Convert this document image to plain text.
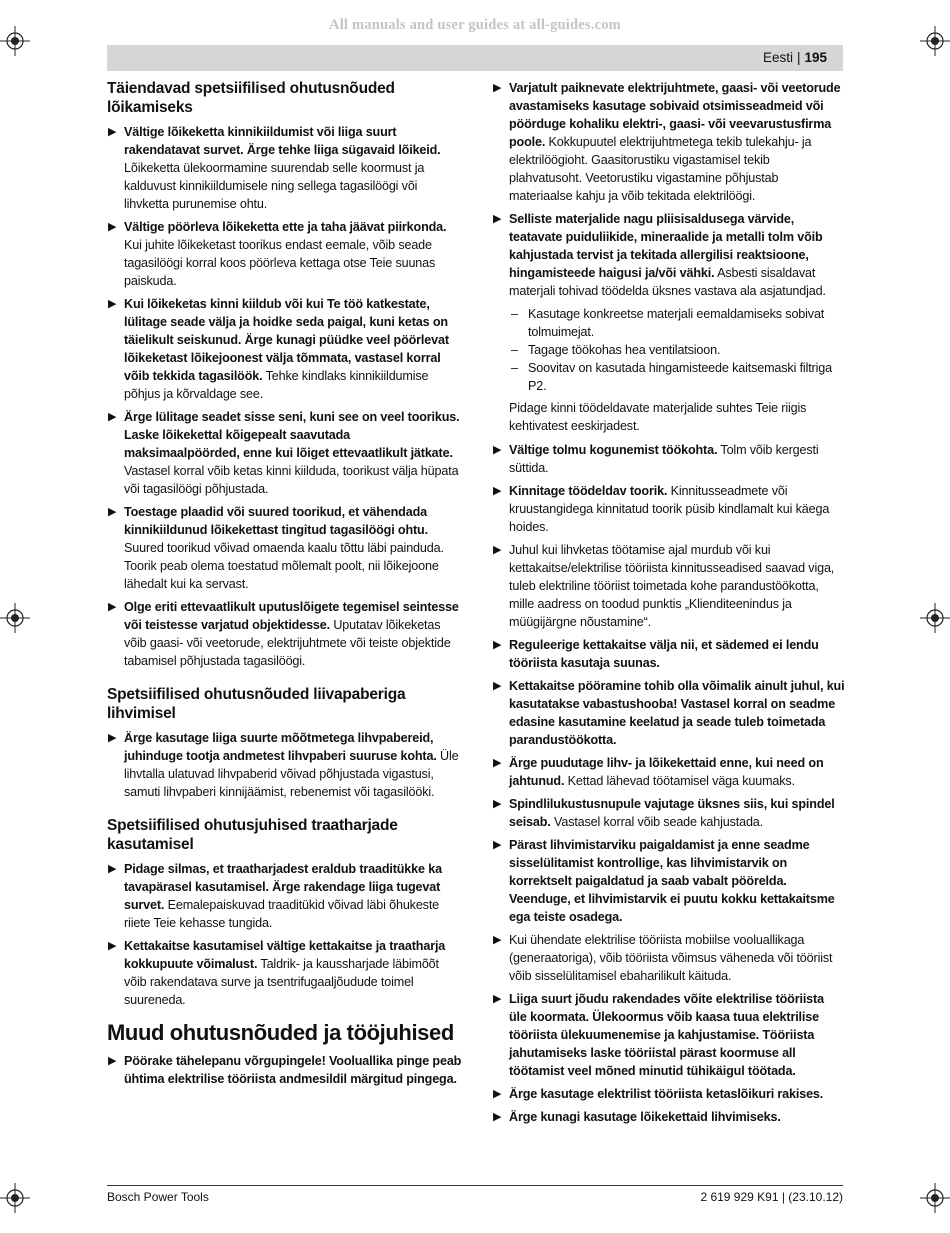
All manuals and user guides at all-guides.com
Eesti | 195
Täiendavad spetsiifilised ohutusnõuded lõikamiseks
▶ Vältige lõikeketta kinnikiildumist või liiga suurt rakendatavat survet. Ärge tehke liiga sügavaid lõikeid. Lõikeketta ülekoormamine suurendab selle koormust ja kalduvust kinnikiildumisele ning sellega tagasilöögi või lihvketta purunemise ohtu.
▶ Vältige pöörleva lõikeketta ette ja taha jäävat piirkonda. Kui juhite lõikeketast toorikus endast eemale, võib seade tagasilöögi korral koos pöörleva kettaga otse Teie suunas paiskuda.
▶ Kui lõikeketas kinni kiildub või kui Te töö katkestate, lülitage seade välja ja hoidke seda paigal, kuni ketas on täielikult seiskunud. Ärge kunagi püüdke veel pöörlevat lõikeketast lõikejoonest välja tõmmata, vastasel korral võib tekkida tagasilöök. Tehke kindlaks kinnikiildumise põhjus ja kõrvaldage see.
▶ Ärge lülitage seadet sisse seni, kuni see on veel toorikus. Laske lõikekettal kõigepealt saavutada maksimaalpöörded, enne kui lõiget ettevaatlikult jätkate. Vastasel korral võib ketas kinni kiilduda, toorikust välja hüpata või tagasilöögi põhjustada.
▶ Toestage plaadid või suured toorikud, et vähendada kinnikiildunud lõikekettast tingitud tagasilöögi ohtu. Suured toorikud võivad omaenda kaalu tõttu läbi painduda. Toorik peab olema toestatud mõlemalt poolt, nii lõikejoone lähedalt kui ka servast.
▶ Olge eriti ettevaatlikult uputuslõigete tegemisel seintesse või teistesse varjatud objektidesse. Uputatav lõikeketas võib gaasi- või veetorude, elektrijuhtmete või teiste objektide tabamisel põhjustada tagasilöögi.
Spetsiifilised ohutusnõuded liivapaberiga lihvimisel
▶ Ärge kasutage liiga suurte mõõtmetega lihvpabereid, juhinduge tootja andmetest lihvpaberi suuruse kohta. Üle lihvtalla ulatuvad lihvpaberid võivad põhjustada vigastusi, samuti lihvpaberi kinnijäämist, rebenemist või tagasilööki.
Spetsiifilised ohutusjuhised traatharjade kasutamisel
▶ Pidage silmas, et traatharjadest eraldub traaditükke ka tavapärasel kasutamisel. Ärge rakendage liiga tugevat survet. Eemalepaiskuvad traaditükid võivad läbi õhukeste riiete Teie kehasse tungida.
▶ Kettakaitse kasutamisel vältige kettakaitse ja traatharja kokkupuute võimalust. Taldrik- ja kaussharjade läbimõõt võib rakendatava surve ja tsentrifugaaljõudude toimel suureneda.
Muud ohutusnõuded ja tööjuhised
▶ Pöörake tähelepanu võrgupingele! Vooluallika pinge peab ühtima elektrilise tööriista andmesildil märgitud pingega.
▶ Varjatult paiknevate elektrijuhtmete, gaasi- või veetorude avastamiseks kasutage sobivaid otsimisseadmeid või pöörduge kohaliku elektri-, gaasi- või veevarustusfirma poole. Kokkupuutel elektrijuhtmetega tekib tulekahju- ja elektrilöögioht. Gaasitorustiku vigastamisel tekib plahvatusoht. Veetorustiku vigastamine põhjustab materiaalse kahju ja võib tekitada elektrilöögi.
▶ Selliste materjalide nagu pliisisaldusega värvide, teatavate puiduliikide, mineraalide ja metalli tolm võib kahjustada tervist ja tekitada allergilisi reaktsioone, hingamisteede haigusi ja/või vähki. Asbesti sisaldavat materjali tohivad töödelda üksnes vastava ala asjatundjad.
– Kasutage konkreetse materjali eemaldamiseks sobivat tolmuimejat.
– Tagage töökohas hea ventilatsioon.
– Soovitav on kasutada hingamisteede kaitsemaski filtriga P2.
Pidage kinni töödeldavate materjalide suhtes Teie riigis kehtivatest eeskirjadest.
▶ Vältige tolmu kogunemist töökohta. Tolm võib kergesti süttida.
▶ Kinnitage töödeldav toorik. Kinnitusseadmete või kruustangidega kinnitatud toorik püsib kindlamalt kui käega hoides.
▶ Juhul kui lihvketas töötamise ajal murdub või kui kettakaitse/elektrilise tööriista kinnitusseadised saavad viga, tuleb elektriline tööriist toimetada kohe parandustöökotta, mille aadress on toodud punktis „Klienditeenindus ja müügijärgne nõustamine“.
▶ Reguleerige kettakaitse välja nii, et sädemed ei lendu tööriista kasutaja suunas.
▶ Kettakaitse pööramine tohib olla võimalik ainult juhul, kui kasutatakse vabastushooba! Vastasel korral on seadme edasine kasutamine keelatud ja seade tuleb toimetada parandustöökotta.
▶ Ärge puudutage lihv- ja lõikekettaid enne, kui need on jahtunud. Kettad lähevad töötamisel väga kuumaks.
▶ Spindlilukustusnupule vajutage üksnes siis, kui spindel seisab. Vastasel korral võib seade kahjustada.
▶ Pärast lihvimistarviku paigaldamist ja enne seadme sisselülitamist kontrollige, kas lihvimistarvik on korrektselt paigaldatud ja saab vabalt pöörelda. Veenduge, et lihvimistarvik ei puutu kokku kettakaitsme ega teiste osadega.
▶ Kui ühendate elektrilise tööriista mobiilse vooluallikaga (generaatoriga), võib tööriista võimsus väheneda või tööriist võib sisselülitamisel ebaharilikult käituda.
▶ Liiga suurt jõudu rakendades võite elektrilise tööriista üle koormata. Ülekoormus võib kaasa tuua elektrilise tööriista ülekuumenemise ja kahjustamise. Tööriista jahutamiseks laske tööriistal pärast koormuse all töötamist veel mõned minutid tühikäigul töötada.
▶ Ärge kasutage elektrilist tööriista ketaslõikuri rakises.
▶ Ärge kunagi kasutage lõikekettaid lihvimiseks.
Bosch Power Tools	2 619 929 K91 | (23.10.12)
